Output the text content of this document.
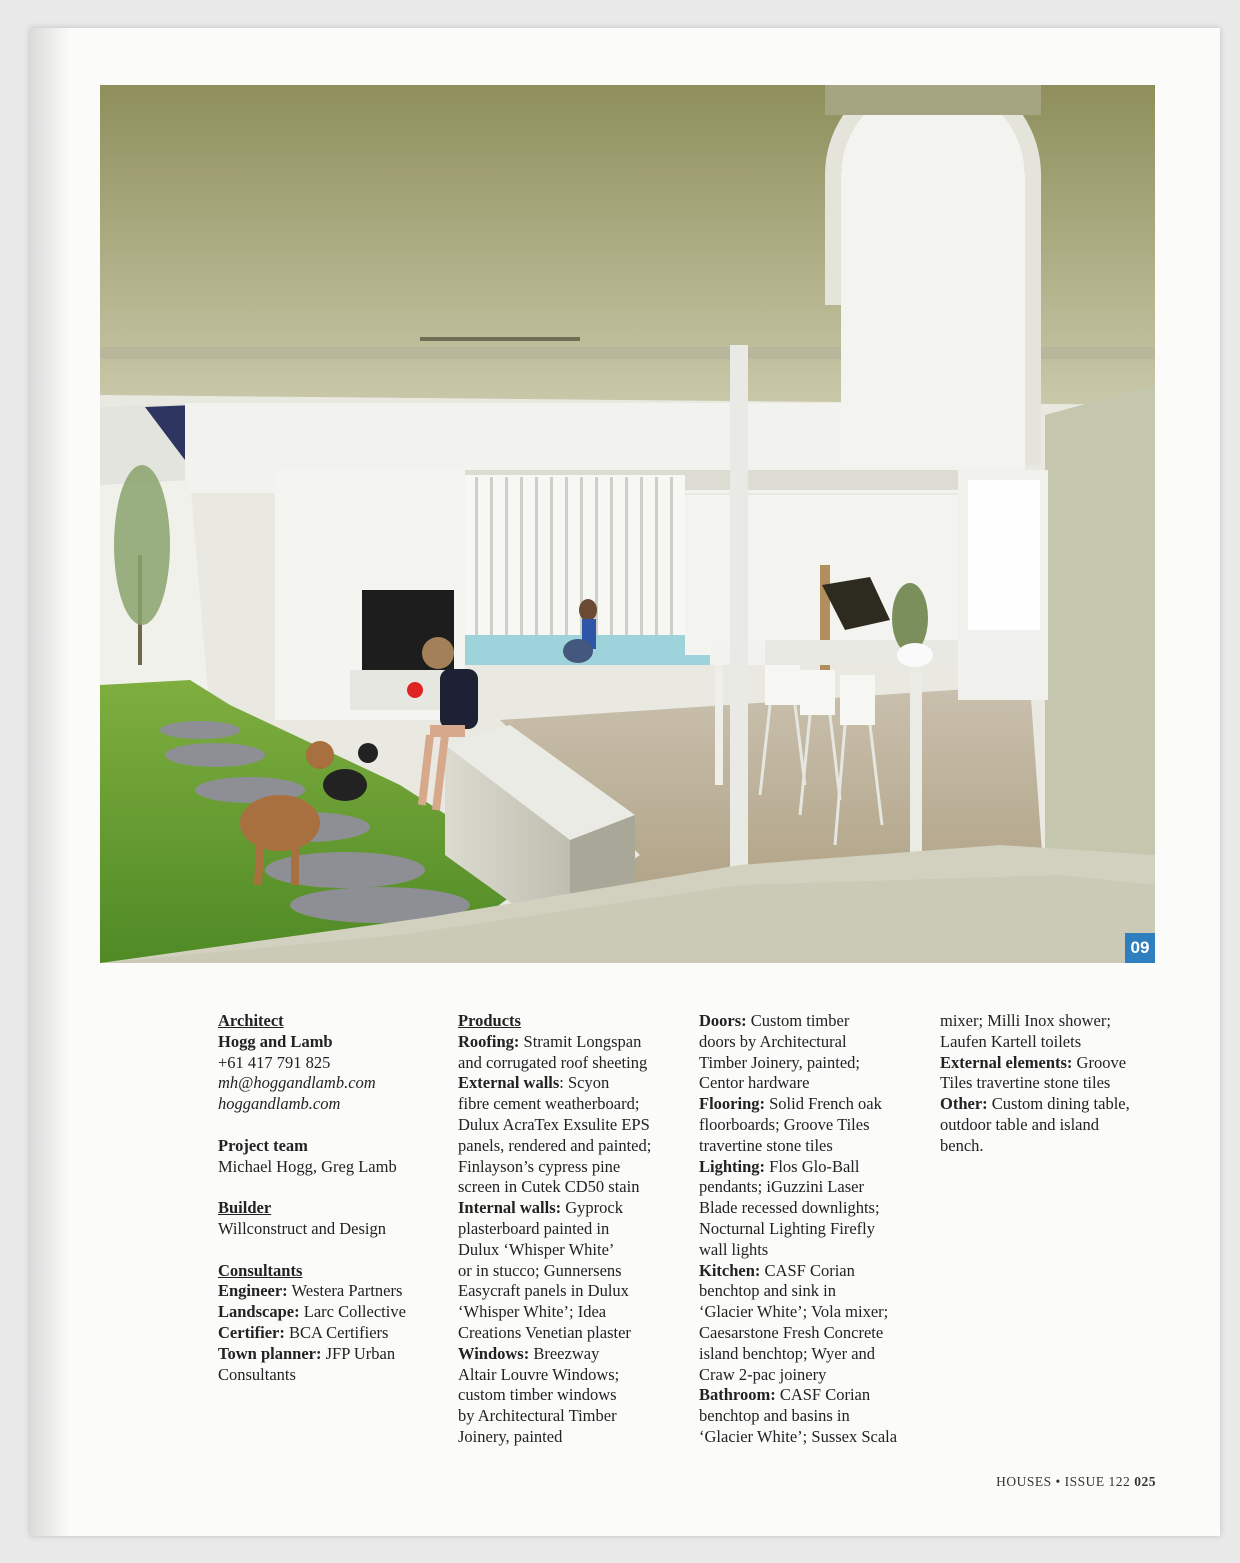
09

Architect

Hogg and Lamb

+61 417 791 825

mh@hoggandlamb.com

hoggandlamb.com

Project team

Michael Hogg, Greg Lamb

Builder

Willconstruct and Design

Consultants

Engineer: Westera Partners

Landscape: Larc Collective

Certifier: BCA Certifiers

Town planner: JFP Urban

Consultants

Products

Roofing: Stramit Longspan

and corrugated roof sheeting

External walls: Scyon

fibre cement weatherboard;

Dulux AcraTex Exsulite EPS

panels, rendered and painted;

Finlayson’s cypress pine

screen in Cutek CD50 stain

Internal walls: Gyprock

plasterboard painted in

Dulux ‘Whisper White’

or in stucco; Gunnersens

Easycraft panels in Dulux

‘Whisper White’; Idea

Creations Venetian plaster

Windows: Breezway

Altair Louvre Windows;

custom timber windows

by Architectural Timber

Joinery, painted

Doors: Custom timber

doors by Architectural

Timber Joinery, painted;

Centor hardware

Flooring: Solid French oak

floorboards; Groove Tiles

travertine stone tiles

Lighting: Flos Glo-Ball

pendants; iGuzzini Laser

Blade recessed downlights;

Nocturnal Lighting Firefly

wall lights

Kitchen: CASF Corian

benchtop and sink in

‘Glacier White’; Vola mixer;

Caesarstone Fresh Concrete

island benchtop; Wyer and

Craw 2-pac joinery

Bathroom: CASF Corian

benchtop and basins in

‘Glacier White’; Sussex Scala

mixer; Milli Inox shower;

Laufen Kartell toilets

External elements: Groove

Tiles travertine stone tiles

Other: Custom dining table,

outdoor table and island

bench.

HOUSES • ISSUE 122 025
